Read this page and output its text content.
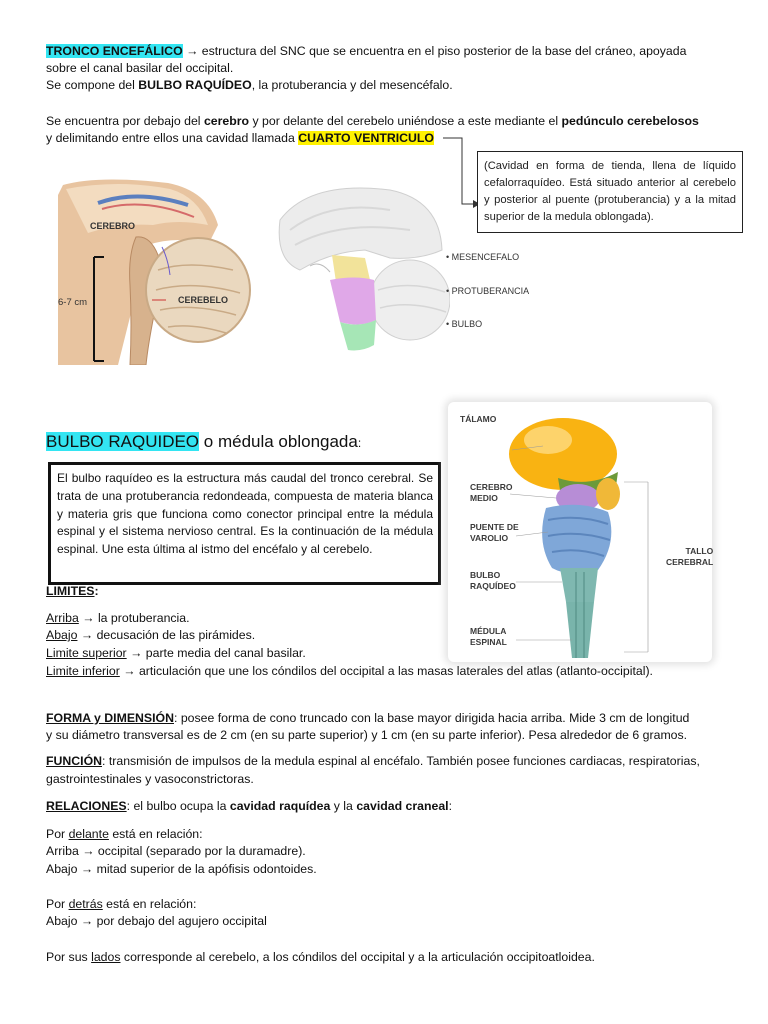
TRONCO ENCEFÁLICO → estructura del SNC que se encuentra en el piso posterior de la base del cráneo, apoyada
sobre el canal basilar del occipital.
Se compone del BULBO RAQUÍDEO, la protuberancia y del mesencéfalo.
Se encuentra por debajo del cerebro y por delante del cerebelo uniéndose a este mediante el pedúnculo cerebelosos
y delimitando entre ellos una cavidad llamada CUARTO VENTRICULO
(Cavidad en forma de tienda, llena de líquido cefalorraquídeo. Está situado anterior al cerebelo y posterior al puente (protuberancia) y a la mitad superior de la medula oblongada).
CEREBRO
CEREBELO
6-7 cm
• MESENCEFALO
• PROTUBERANCIA
• BULBO
BULBO RAQUIDEO o médula oblongada:
El bulbo raquídeo es la estructura más caudal del tronco cerebral. Se trata de una protuberancia redondeada, compuesta de materia blanca y materia gris que funciona como conector principal entre la médula espinal y el sistema nervioso central. Es la continuación de la médula espinal. Une esta última al istmo del encéfalo y al cerebelo.
TÁLAMO
CEREBRO
MEDIO
PUENTE DE
VAROLIO
BULBO
RAQUÍDEO
MÉDULA
ESPINAL
TALLO
CEREBRAL
LIMITES:
Arriba → la protuberancia.
Abajo → decusación de las pirámides.
Limite superior → parte media del canal basilar.
Limite inferior → articulación que une los cóndilos del occipital a las masas laterales del atlas (atlanto-occipital).
FORMA y DIMENSIÓN: posee forma de cono truncado con la base mayor dirigida hacia arriba. Mide 3 cm de longitud
y su diámetro transversal es de 2 cm (en su parte superior) y 1 cm (en su parte inferior). Pesa alrededor de 6 gramos.
FUNCIÓN: transmisión de impulsos de la medula espinal al encéfalo. También posee funciones cardiacas, respiratorias,
gastrointestinales y vasoconstrictoras.
RELACIONES: el bulbo ocupa la cavidad raquídea y la cavidad craneal:
Por delante está en relación:
Arriba → occipital (separado por la duramadre).
Abajo → mitad superior de la apófisis odontoides.
Por detrás está en relación:
Abajo → por debajo del agujero occipital
Por sus lados corresponde al cerebelo, a los cóndilos del occipital y a la articulación occipitoatloidea.
